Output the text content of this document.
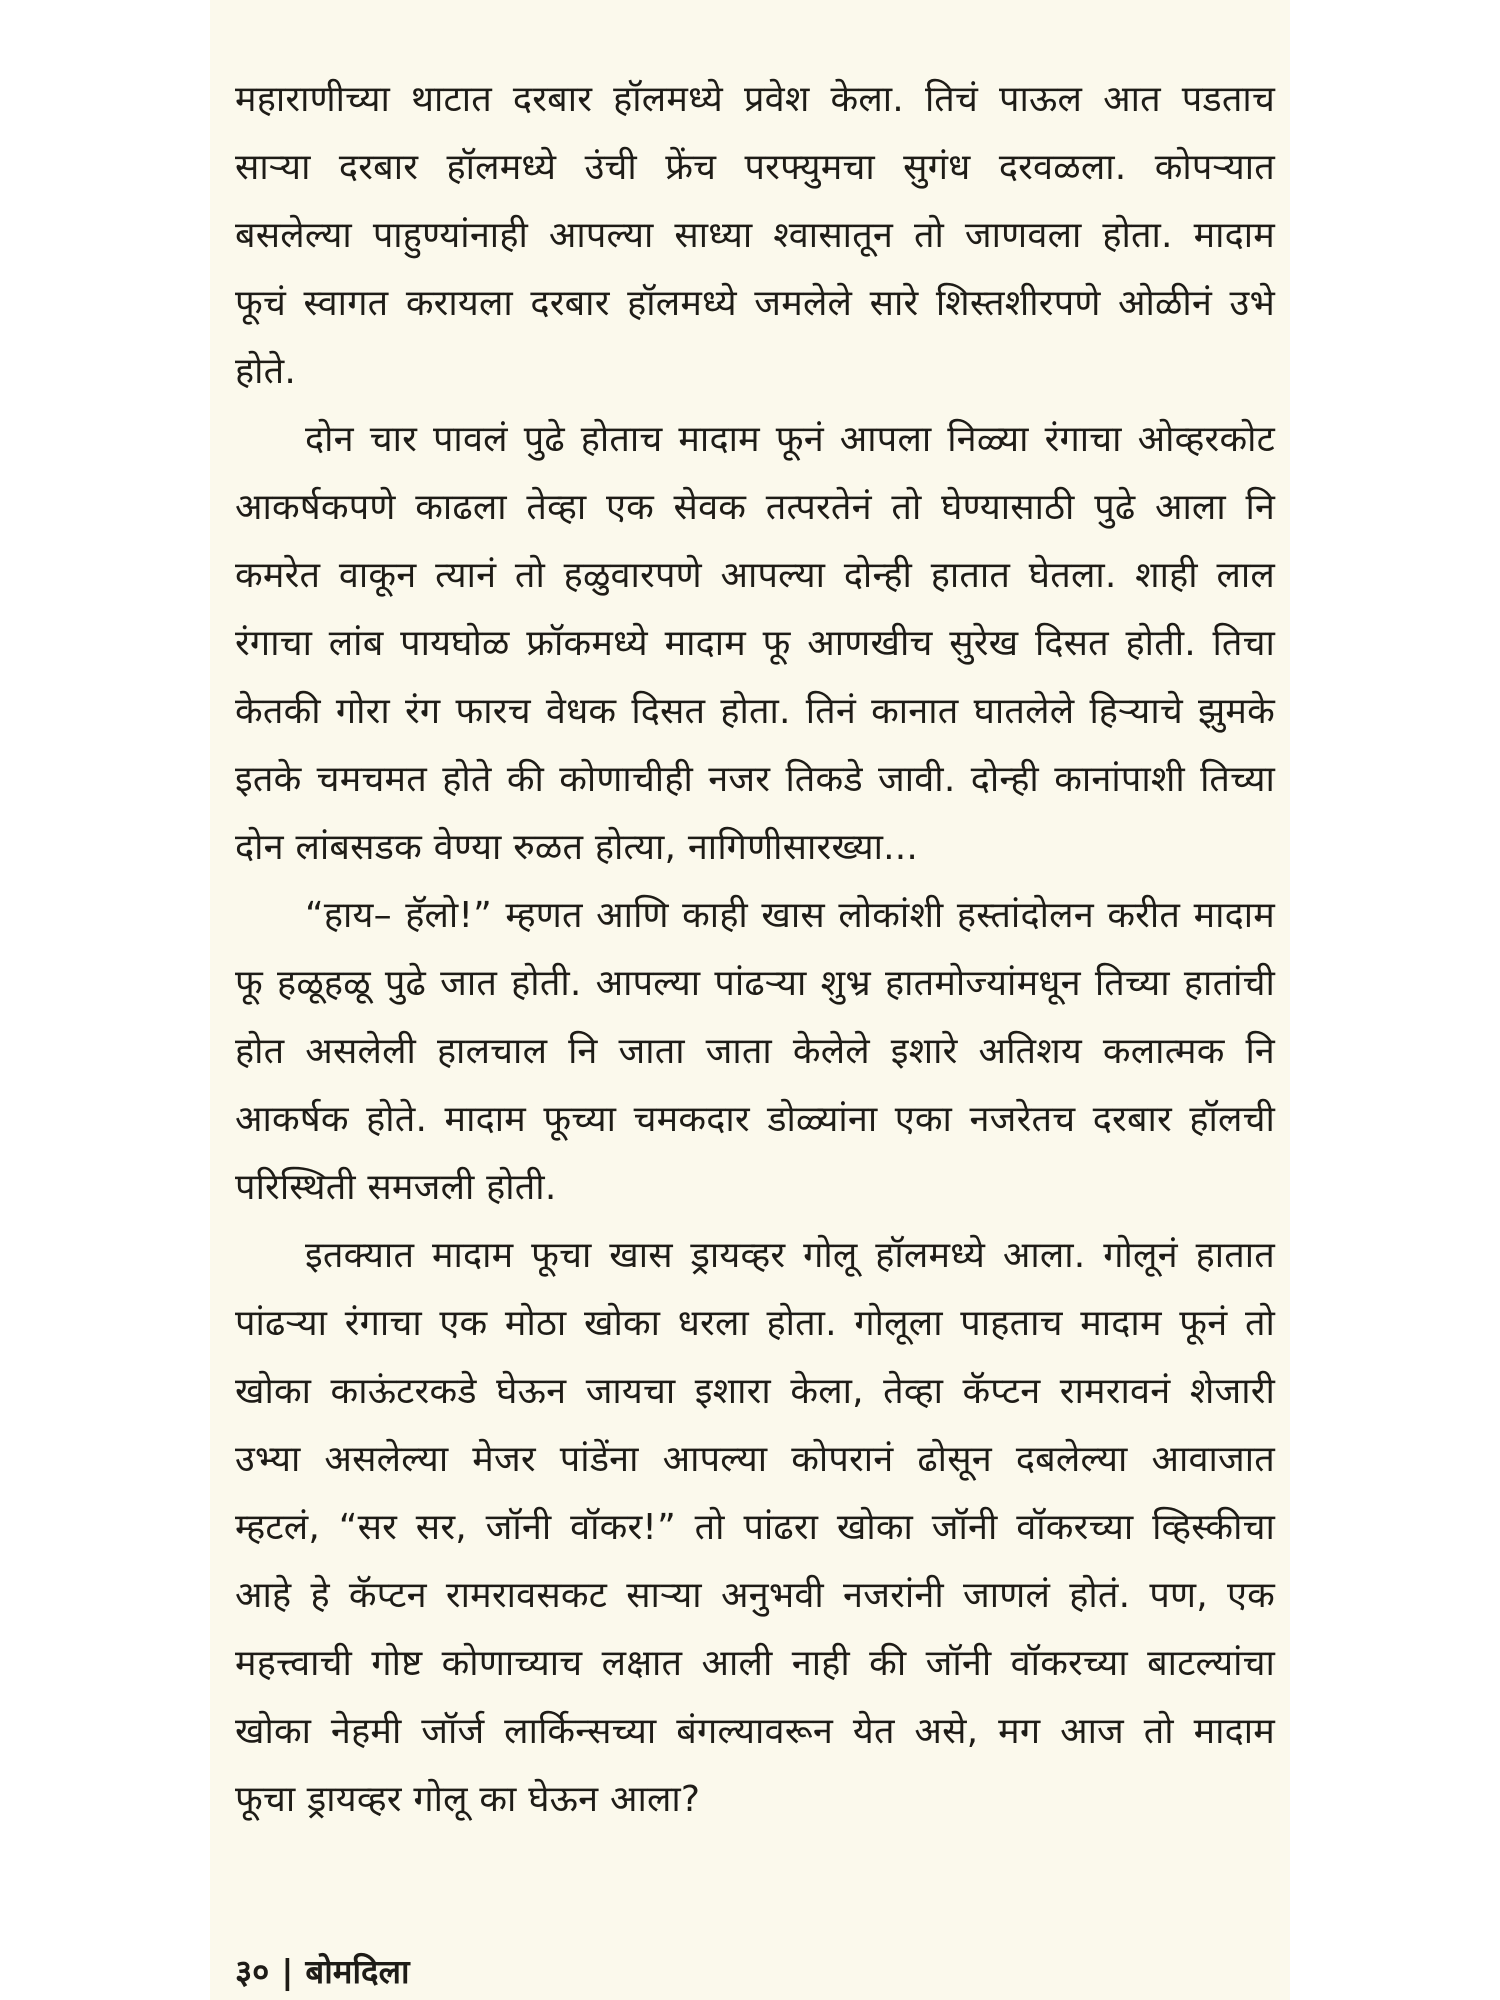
महाराणीच्या थाटात दरबार हॉलमध्ये प्रवेश केला. तिचं पाऊल आत पडताच
साऱ्या दरबार हॉलमध्ये उंची फ्रेंच परफ्युमचा सुगंध दरवळला. कोपऱ्यात
बसलेल्या पाहुण्यांनाही आपल्या साध्या श्वासातून तो जाणवला होता. मादाम
फूचं स्वागत करायला दरबार हॉलमध्ये जमलेले सारे शिस्तशीरपणे ओळीनं उभे
होते.
दोन चार पावलं पुढे होताच मादाम फूनं आपला निळ्या रंगाचा ओव्हरकोट
आकर्षकपणे काढला तेव्हा एक सेवक तत्परतेनं तो घेण्यासाठी पुढे आला नि
कमरेत वाकून त्यानं तो हळुवारपणे आपल्या दोन्ही हातात घेतला. शाही लाल
रंगाचा लांब पायघोळ फ्रॉकमध्ये मादाम फू आणखीच सुरेख दिसत होती. तिचा
केतकी गोरा रंग फारच वेधक दिसत होता. तिनं कानात घातलेले हिऱ्याचे झुमके
इतके चमचमत होते की कोणाचीही नजर तिकडे जावी. दोन्ही कानांपाशी तिच्या
दोन लांबसडक वेण्या रुळत होत्या, नागिणीसारख्या...
“हाय– हॅलो!” म्हणत आणि काही खास लोकांशी हस्तांदोलन करीत मादाम
फू हळूहळू पुढे जात होती. आपल्या पांढऱ्या शुभ्र हातमोज्यांमधून तिच्या हातांची
होत असलेली हालचाल नि जाता जाता केलेले इशारे अतिशय कलात्मक नि
आकर्षक होते. मादाम फूच्या चमकदार डोळ्यांना एका नजरेतच दरबार हॉलची
परिस्थिती समजली होती.
इतक्यात मादाम फूचा खास ड्रायव्हर गोलू हॉलमध्ये आला. गोलूनं हातात
पांढऱ्या रंगाचा एक मोठा खोका धरला होता. गोलूला पाहताच मादाम फूनं तो
खोका काऊंटरकडे घेऊन जायचा इशारा केला, तेव्हा कॅप्टन रामरावनं शेजारी
उभ्या असलेल्या मेजर पांडेंना आपल्या कोपरानं ढोसून दबलेल्या आवाजात
म्हटलं, “सर सर, जॉनी वॉकर!” तो पांढरा खोका जॉनी वॉकरच्या व्हिस्कीचा
आहे हे कॅप्टन रामरावसकट साऱ्या अनुभवी नजरांनी जाणलं होतं. पण, एक
महत्त्वाची गोष्ट कोणाच्याच लक्षात आली नाही की जॉनी वॉकरच्या बाटल्यांचा
खोका नेहमी जॉर्ज लार्किन्सच्या बंगल्यावरून येत असे, मग आज तो मादाम
फूचा ड्रायव्हर गोलू का घेऊन आला?
३० | बोमदिला
